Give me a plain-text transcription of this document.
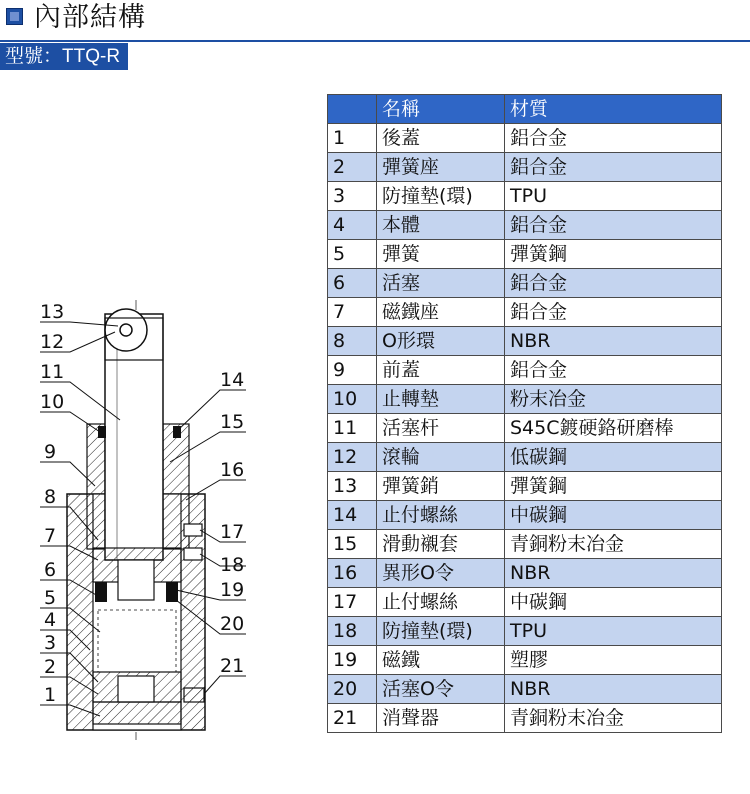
內部結構
型號：TTQ-R
13
12
11
10
9
8
7
6
5
4
3
2
1
14
15
16
17
18
19
20
21
	名稱	材質
1	後蓋	鋁合金
2	彈簧座	鋁合金
3	防撞墊(環)	TPU
4	本體	鋁合金
5	彈簧	彈簧鋼
6	活塞	鋁合金
7	磁鐵座	鋁合金
8	O形環	NBR
9	前蓋	鋁合金
10	止轉墊	粉末冶金
11	活塞杆	S45C鍍硬鉻研磨棒
12	滾輪	低碳鋼
13	彈簧銷	彈簧鋼
14	止付螺絲	中碳鋼
15	滑動襯套	青銅粉末冶金
16	異形O令	NBR
17	止付螺絲	中碳鋼
18	防撞墊(環)	TPU
19	磁鐵	塑膠
20	活塞O令	NBR
21	消聲器	青銅粉末冶金
